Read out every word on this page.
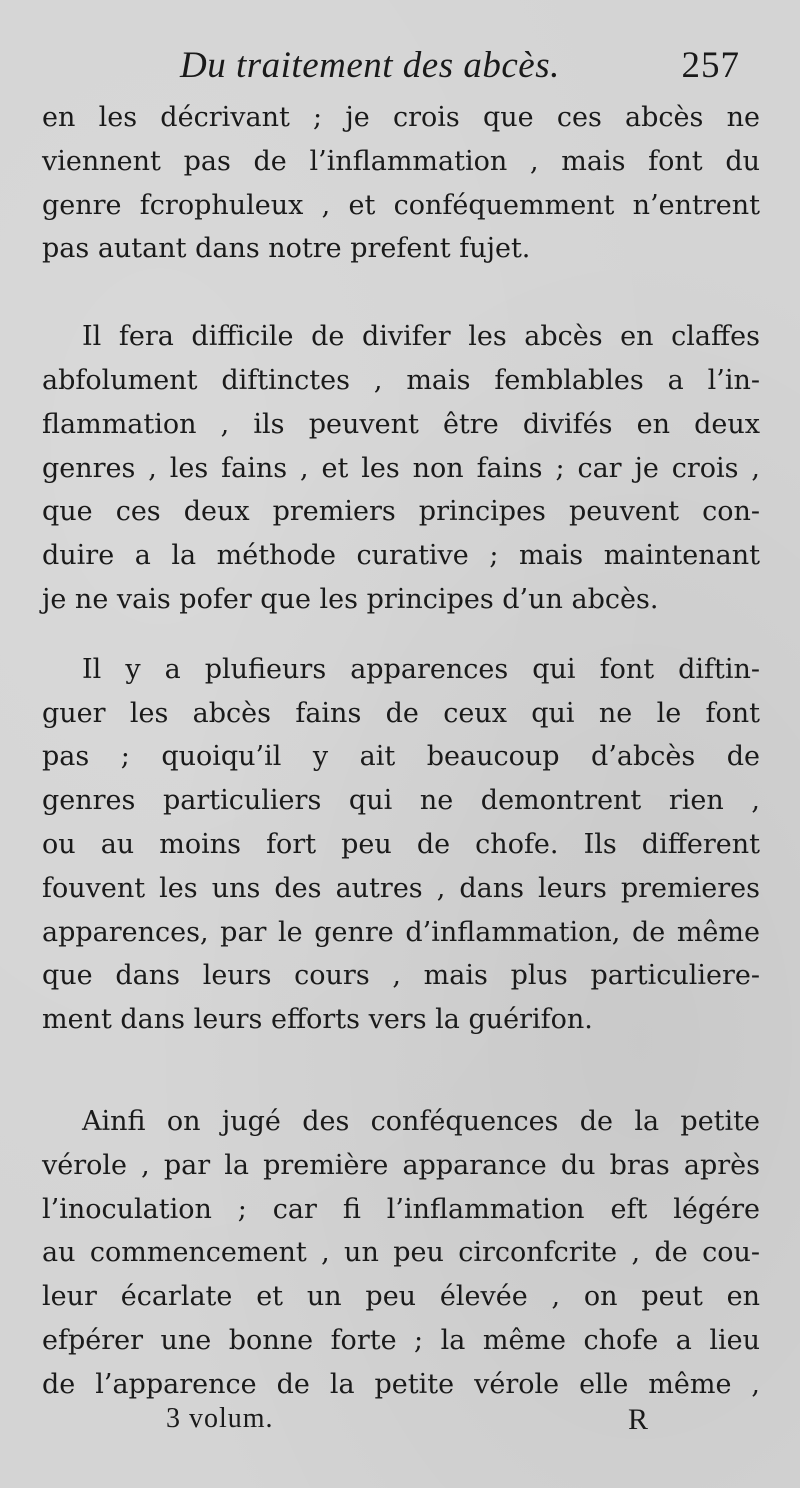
Du traitement des abcès.	257
en les décrivant ; je crois que ces abcès ne
viennent pas de l’inflammation , mais font du
genre fcrophuleux , et conféquemment n’entrent
pas autant dans notre prefent fujet.
Il fera difficile de divifer les abcès en claffes
abfolument diftinctes , mais femblables a l’in-
flammation , ils peuvent être divifés en deux
genres , les fains , et les non fains ; car je crois ,
que ces deux premiers principes peuvent con-
duire a la méthode curative ; mais maintenant
je ne vais pofer que les principes d’un abcès.
Il y a plufieurs apparences qui font diftin-
guer les abcès fains de ceux qui ne le font
pas ; quoiqu’il y ait beaucoup d’abcès de
genres particuliers qui ne demontrent rien ,
ou au moins fort peu de chofe. Ils different
fouvent les uns des autres , dans leurs premieres
apparences, par le genre d’inflammation, de même
que dans leurs cours , mais plus particuliere-
ment dans leurs efforts vers la guérifon.
Ainfi on jugé des conféquences de la petite
vérole , par la première apparance du bras après
l’inoculation ; car fi l’inflammation eft légére
au commencement , un peu circonfcrite , de cou-
leur écarlate et un peu élevée , on peut en
efpérer une bonne forte ; la même chofe a lieu
de l’apparence de la petite vérole elle même ,
3 volum.	R
